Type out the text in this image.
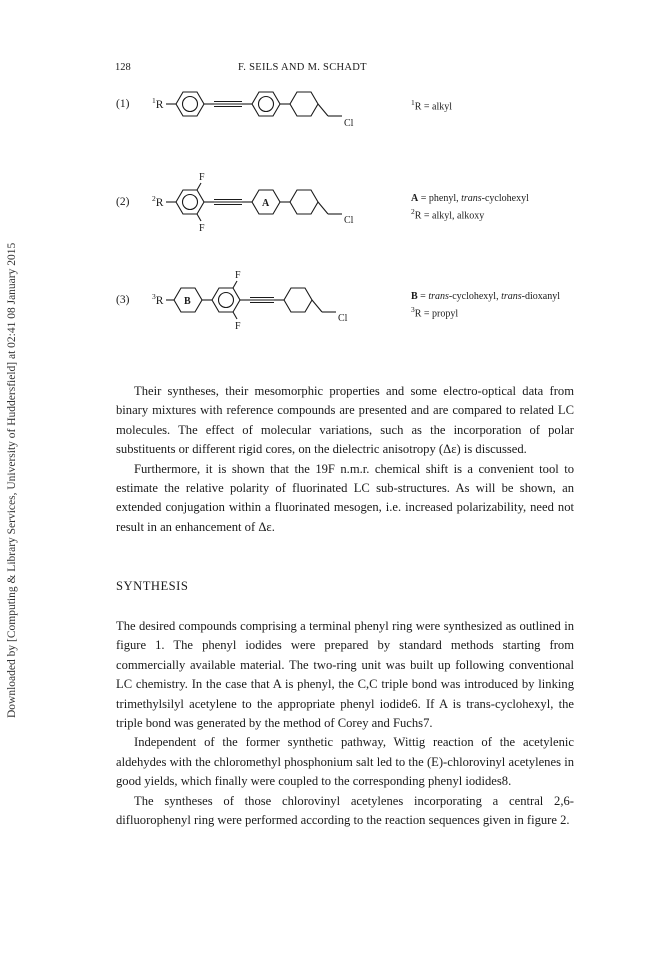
Downloaded by [Computing & Library Services, University of Huddersfield] at 02:41 08 January 2015
128	F. SEILS AND M. SCHADT
(1)	$^1$R
Cl
$^1$R = alkyl
(2)	$^2$R
F
F
A
Cl
A = phenyl, trans-cyclohexyl
$^2$R = alkyl, alkoxy
(3)	$^3$R
F
F
B
Cl
B = trans-cyclohexyl, trans-dioxanyl
$^3$R = propyl

Their syntheses, their mesomorphic properties and some electro-optical data from binary mixtures with reference compounds are presented and are compared to related LC molecules. The effect of molecular variations, such as the incorporation of polar substituents or different rigid cores, on the dielectric anisotropy (Δε) is discussed.

Furthermore, it is shown that the 19F n.m.r. chemical shift is a convenient tool to estimate the relative polarity of fluorinated LC sub-structures. As will be shown, an extended conjugation within a fluorinated mesogen, i.e. increased polarizability, need not result in an enhancement of Δε.

SYNTHESIS

The desired compounds comprising a terminal phenyl ring were synthesized as outlined in figure 1. The phenyl iodides were prepared by standard methods starting from commercially available material. The two-ring unit was built up following conventional LC chemistry. In the case that A is phenyl, the C,C triple bond was introduced by linking trimethylsilyl acetylene to the appropriate phenyl iodide6. If A is trans-cyclohexyl, the triple bond was generated by the method of Corey and Fuchs7.

Independent of the former synthetic pathway, Wittig reaction of the acetylenic aldehydes with the chloromethyl phosphonium salt led to the (E)-chlorovinyl acetylenes in good yields, which finally were coupled to the corresponding phenyl iodides8.

The syntheses of those chlorovinyl acetylenes incorporating a central 2,6-difluorophenyl ring were performed according to the reaction sequences given in figure 2.
